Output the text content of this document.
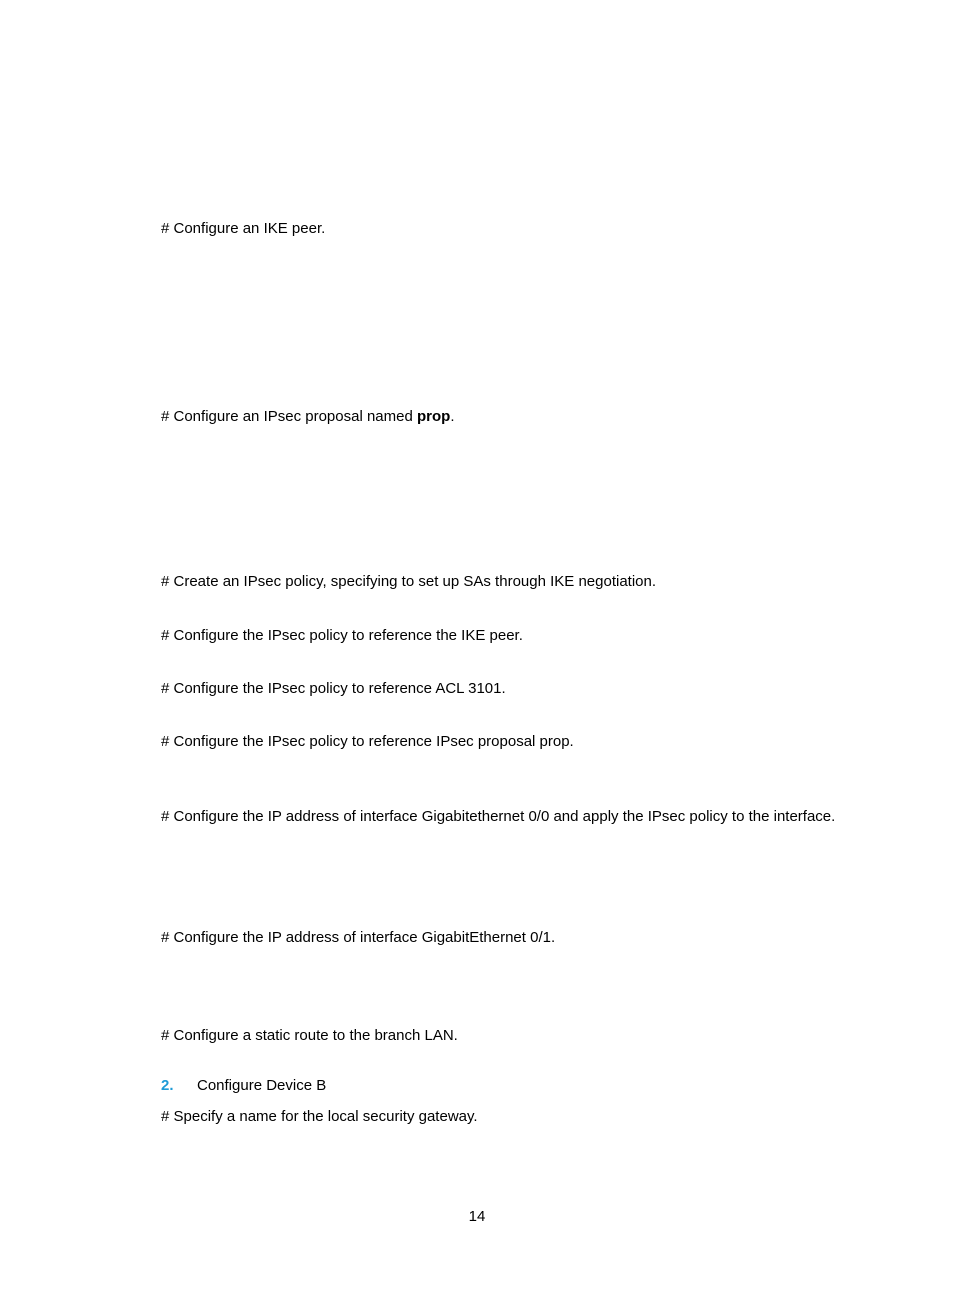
# Configure an IKE peer.
# Configure an IPsec proposal named prop.
# Create an IPsec policy, specifying to set up SAs through IKE negotiation.
# Configure the IPsec policy to reference the IKE peer.
# Configure the IPsec policy to reference ACL 3101.
# Configure the IPsec policy to reference IPsec proposal prop.
# Configure the IP address of interface Gigabitethernet 0/0 and apply the IPsec policy to the interface.
# Configure the IP address of interface GigabitEthernet 0/1.
# Configure a static route to the branch LAN.
2. Configure Device B
# Specify a name for the local security gateway.
14
